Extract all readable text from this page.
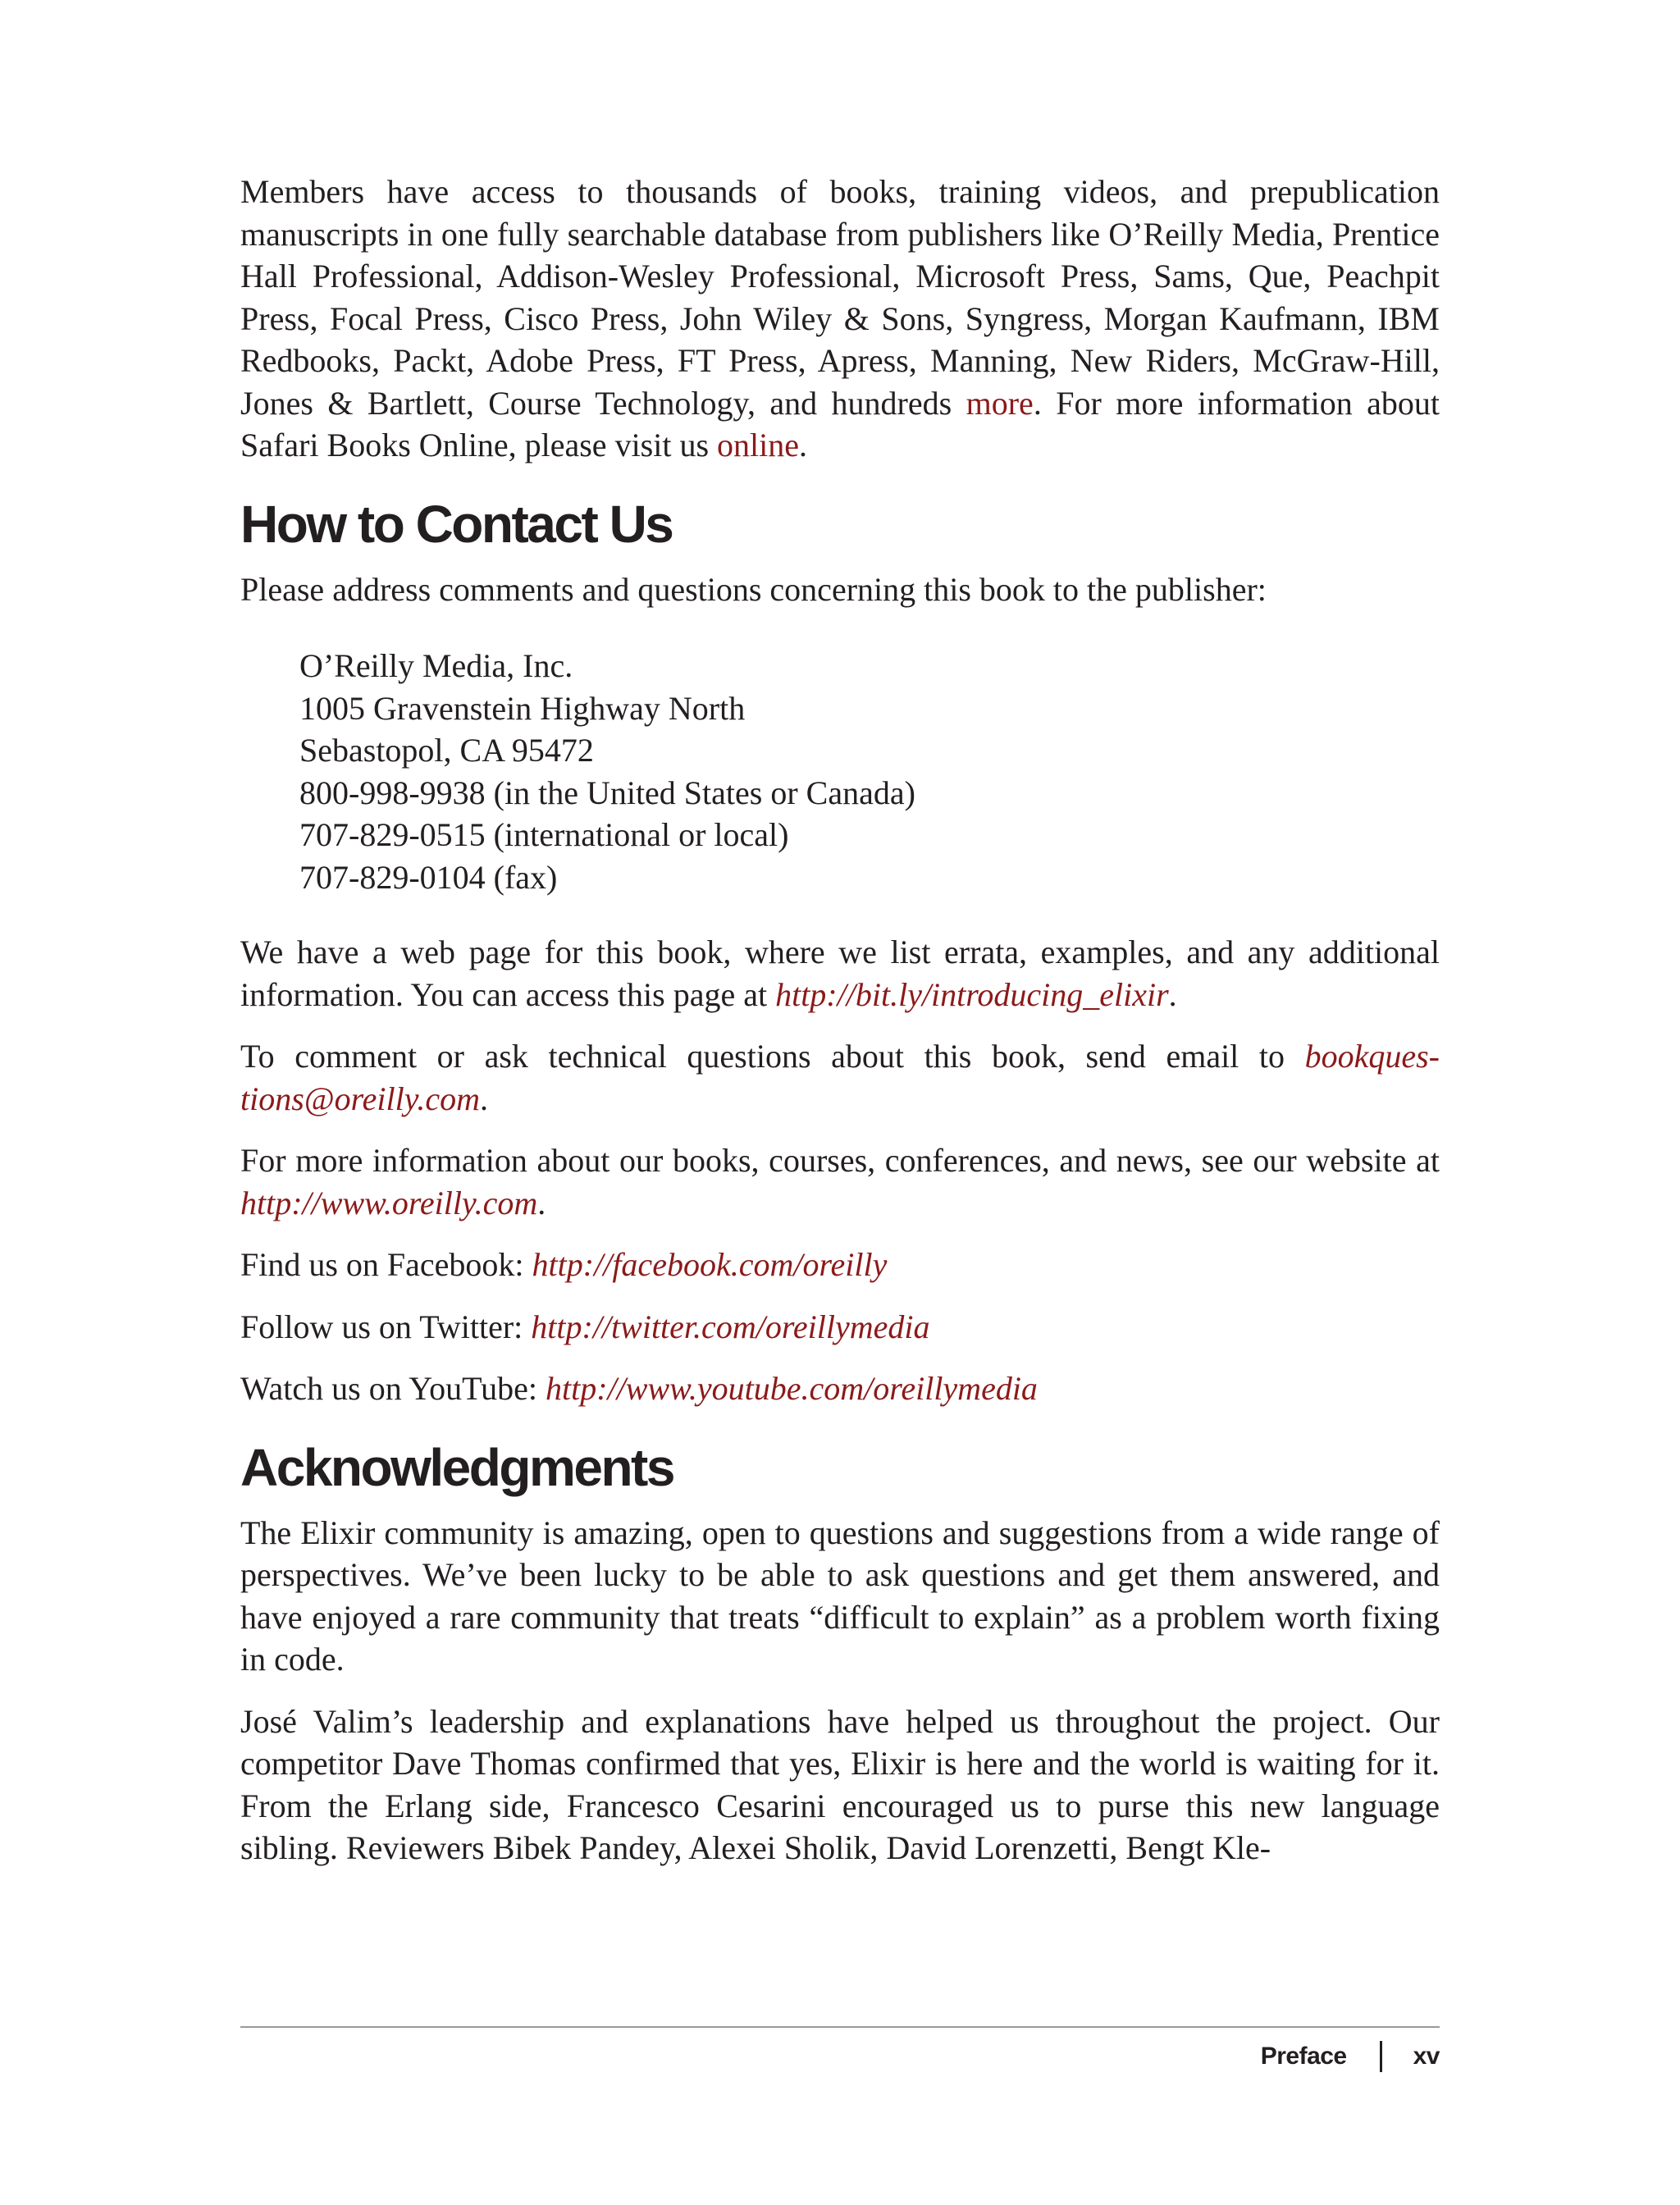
Members have access to thousands of books, training videos, and prepublication manuscripts in one fully searchable database from publishers like O’Reilly Media, Prentice Hall Professional, Addison-Wesley Professional, Microsoft Press, Sams, Que, Peachpit Press, Focal Press, Cisco Press, John Wiley & Sons, Syngress, Morgan Kaufmann, IBM Redbooks, Packt, Adobe Press, FT Press, Apress, Manning, New Riders, McGraw-Hill, Jones & Bartlett, Course Technology, and hundreds more. For more information about Safari Books Online, please visit us online.

How to Contact Us

Please address comments and questions concerning this book to the publisher:

O’Reilly Media, Inc.

1005 Gravenstein Highway North

Sebastopol, CA 95472

800-998-9938 (in the United States or Canada)

707-829-0515 (international or local)

707-829-0104 (fax)

We have a web page for this book, where we list errata, examples, and any additional information. You can access this page at http://bit.ly/introducing_elixir.

To comment or ask technical questions about this book, send email to bookquestions@oreilly.com.

For more information about our books, courses, conferences, and news, see our website at http://www.oreilly.com.

Find us on Facebook: http://facebook.com/oreilly

Follow us on Twitter: http://twitter.com/oreillymedia

Watch us on YouTube: http://www.youtube.com/oreillymedia

Acknowledgments

The Elixir community is amazing, open to questions and suggestions from a wide range of perspectives. We’ve been lucky to be able to ask questions and get them answered, and have enjoyed a rare community that treats “difficult to explain” as a problem worth fixing in code.

José Valim’s leadership and explanations have helped us throughout the project. Our competitor Dave Thomas confirmed that yes, Elixir is here and the world is waiting for it. From the Erlang side, Francesco Cesarini encouraged us to purse this new language sibling. Reviewers Bibek Pandey, Alexei Sholik, David Lorenzetti, Bengt Kle-

Preface	xv
